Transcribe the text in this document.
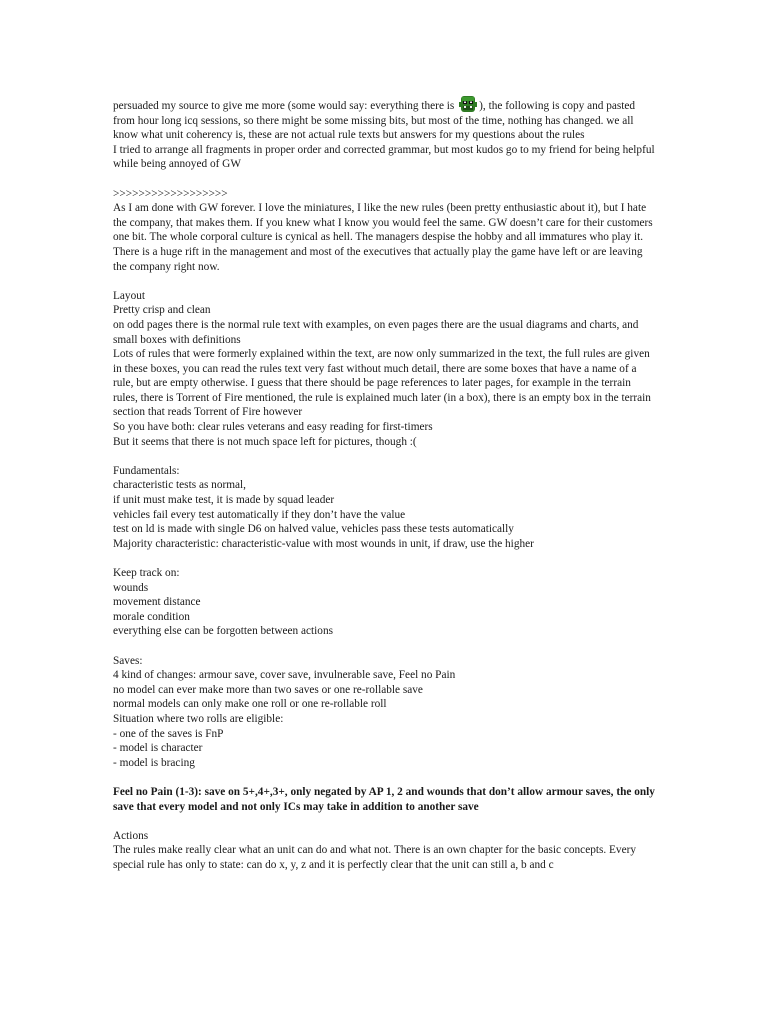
persuaded my source to give me more (some would say: everything there is ), the following is copy and pasted from hour long icq sessions, so there might be some missing bits, but most of the time, nothing has changed. we all know what unit coherency is, these are not actual rule texts but answers for my questions about the rules

I tried to arrange all fragments in proper order and corrected grammar, but most kudos go to my friend for being helpful while being annoyed of GW

>>>>>>>>>>>>>>>>>>

As I am done with GW forever. I love the miniatures, I like the new rules (been pretty enthusiastic about it), but I hate the company, that makes them. If you knew what I know you would feel the same. GW doesn’t care for their customers one bit. The whole corporal culture is cynical as hell. The managers despise the hobby and all immatures who play it. There is a huge rift in the management and most of the executives that actually play the game have left or are leaving the company right now.

Layout

Pretty crisp and clean

on odd pages there is the normal rule text with examples, on even pages there are the usual diagrams and charts, and small boxes with definitions

Lots of rules that were formerly explained within the text, are now only summarized in the text, the full rules are given in these boxes, you can read the rules text very fast without much detail, there are some boxes that have a name of a rule, but are empty otherwise. I guess that there should be page references to later pages, for example in the terrain rules, there is Torrent of Fire mentioned, the rule is explained much later (in a box), there is an empty box in the terrain section that reads Torrent of Fire however

So you have both: clear rules veterans and easy reading for first-timers

But it seems that there is not much space left for pictures, though :(

Fundamentals:

characteristic tests as normal,

if unit must make test, it is made by squad leader

vehicles fail every test automatically if they don’t have the value

test on ld is made with single D6 on halved value, vehicles pass these tests automatically

Majority characteristic: characteristic-value with most wounds in unit, if draw, use the higher

Keep track on:

wounds

movement distance

morale condition

everything else can be forgotten between actions

Saves:

4 kind of changes: armour save, cover save, invulnerable save, Feel no Pain

no model can ever make more than two saves or one re-rollable save

normal models can only make one roll or one re-rollable roll

Situation where two rolls are eligible:

- one of the saves is FnP

- model is character

- model is bracing

Feel no Pain (1-3): save on 5+,4+,3+, only negated by AP 1, 2 and wounds that don’t allow armour saves, the only save that every model and not only ICs may take in addition to another save

Actions

The rules make really clear what an unit can do and what not. There is an own chapter for the basic concepts. Every special rule has only to state: can do x, y, z and it is perfectly clear that the unit can still a, b and c
